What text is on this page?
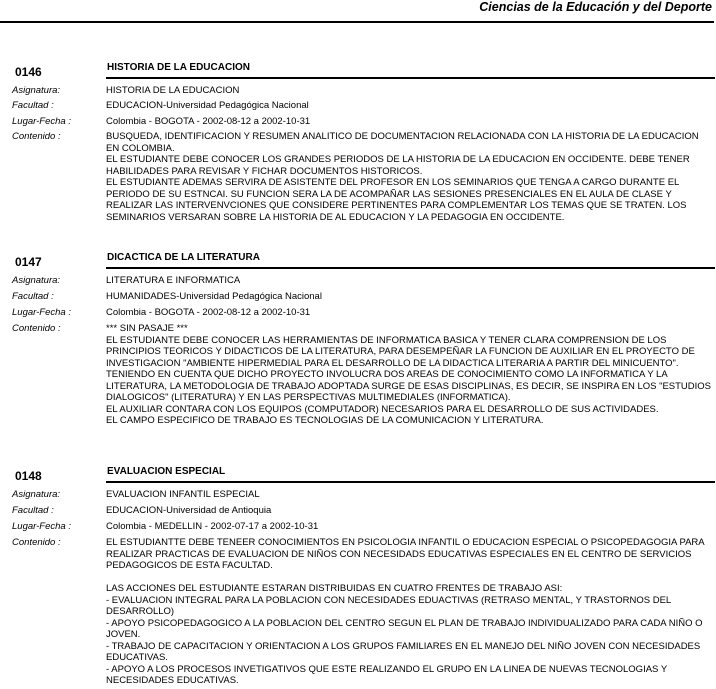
Ciencias de la Educación y del Deporte
0146	HISTORIA DE LA EDUCACION
Asignatura:	HISTORIA DE LA EDUCACION
Facultad :	EDUCACION-Universidad Pedagógica Nacional
Lugar-Fecha :	Colombia - BOGOTA - 2002-08-12 a 2002-10-31
Contenido :	BUSQUEDA, IDENTIFICACION Y RESUMEN ANALITICO DE DOCUMENTACION RELACIONADA CON LA HISTORIA DE LA EDUCACION EN COLOMBIA.

EL ESTUDIANTE DEBE CONOCER LOS GRANDES PERIODOS DE LA HISTORIA DE LA EDUCACION EN OCCIDENTE. DEBE TENER HABILIDADES PARA REVISAR Y FICHAR DOCUMENTOS HISTORICOS.

EL ESTUDIANTE ADEMAS SERVIRA DE ASISTENTE DEL PROFESOR EN LOS SEMINARIOS QUE TENGA A CARGO DURANTE EL PERIODO DE SU ESTNCAI. SU FUNCION SERA LA DE ACOMPAÑAR LAS SESIONES PRESENCIALES EN EL AULA DE CLASE Y REALIZAR LAS INTERVENVCIONES QUE CONSIDERE PERTINENTES PARA COMPLEMENTAR LOS TEMAS QUE SE TRATEN. LOS SEMINARIOS VERSARAN SOBRE LA HISTORIA DE AL EDUCACION Y LA PEDAGOGIA EN OCCIDENTE.

0147	DICACTICA DE LA LITERATURA
Asignatura:	LITERATURA E INFORMATICA
Facultad :	HUMANIDADES-Universidad Pedagógica Nacional
Lugar-Fecha :	Colombia - BOGOTA - 2002-08-12 a 2002-10-31
Contenido :	*** SIN PASAJE ***

EL ESTUDIANTE DEBE CONOCER LAS HERRAMIENTAS DE INFORMATICA BASICA Y TENER CLARA COMPRENSION DE LOS PRINCIPIOS TEORICOS Y DIDACTICOS DE LA LITERATURA, PARA DESEMPEÑAR LA FUNCION DE AUXILIAR EN EL PROYECTO DE INVESTIGACION "AMBIENTE HIPERMEDIAL PARA EL DESARROLLO DE LA DIDACTICA LITERARIA A PARTIR DEL MINICUENTO".

TENIENDO EN CUENTA QUE DICHO PROYECTO INVOLUCRA DOS AREAS DE CONOCIMIENTO COMO LA INFORMATICA Y LA LITERATURA, LA METODOLOGIA DE TRABAJO ADOPTADA SURGE DE ESAS DISCIPLINAS, ES DECIR, SE INSPIRA EN LOS "ESTUDIOS DIALOGICOS" (LITERATURA) Y EN LAS PERSPECTIVAS MULTIMEDIALES (INFORMATICA).

EL AUXILIAR CONTARA CON LOS EQUIPOS (COMPUTADOR) NECESARIOS PARA EL DESARROLLO DE SUS ACTIVIDADES.

EL CAMPO ESPECIFICO DE TRABAJO ES TECNOLOGIAS DE LA COMUNICACION Y LITERATURA.

0148	EVALUACION ESPECIAL
Asignatura:	EVALUACION INFANTIL ESPECIAL
Facultad :	EDUCACION-Universidad de Antioquia
Lugar-Fecha :	Colombia - MEDELLIN - 2002-07-17 a 2002-10-31
Contenido :	EL ESTUDIANTTE DEBE TENEER CONOCIMIENTOS EN PSICOLOGIA INFANTIL O EDUCACION ESPECIAL O PSICOPEDAGOGIA PARA REALIZAR PRACTICAS DE EVALUACION DE NIÑOS CON NECESIDADS EDUCATIVAS ESPECIALES EN EL CENTRO DE SERVICIOS PEDAGOGICOS DE ESTA FACULTAD.

LAS ACCIONES DEL ESTUDIANTE ESTARAN DISTRIBUIDAS EN CUATRO FRENTES DE TRABAJO ASI:

- EVALUACION INTEGRAL PARA LA POBLACION CON NECESIDADES EDUACTIVAS (RETRASO MENTAL, Y TRASTORNOS DEL DESARROLLO)

- APOYO PSICOPEDAGOGICO A LA POBLACION DEL CENTRO SEGUN EL PLAN DE TRABAJO INDIVIDUALIZADO PARA CADA NIÑO O JOVEN.

- TRABAJO DE CAPACITACION Y ORIENTACION A LOS GRUPOS FAMILIARES EN EL MANEJO DEL NIÑO JOVEN CON NECESIDADES EDUCATIVAS.

- APOYO A LOS PROCESOS INVETIGATIVOS QUE ESTE REALIZANDO EL GRUPO EN LA LINEA DE NUEVAS TECNOLOGIAS Y NECESIDADES EDUCATIVAS.
